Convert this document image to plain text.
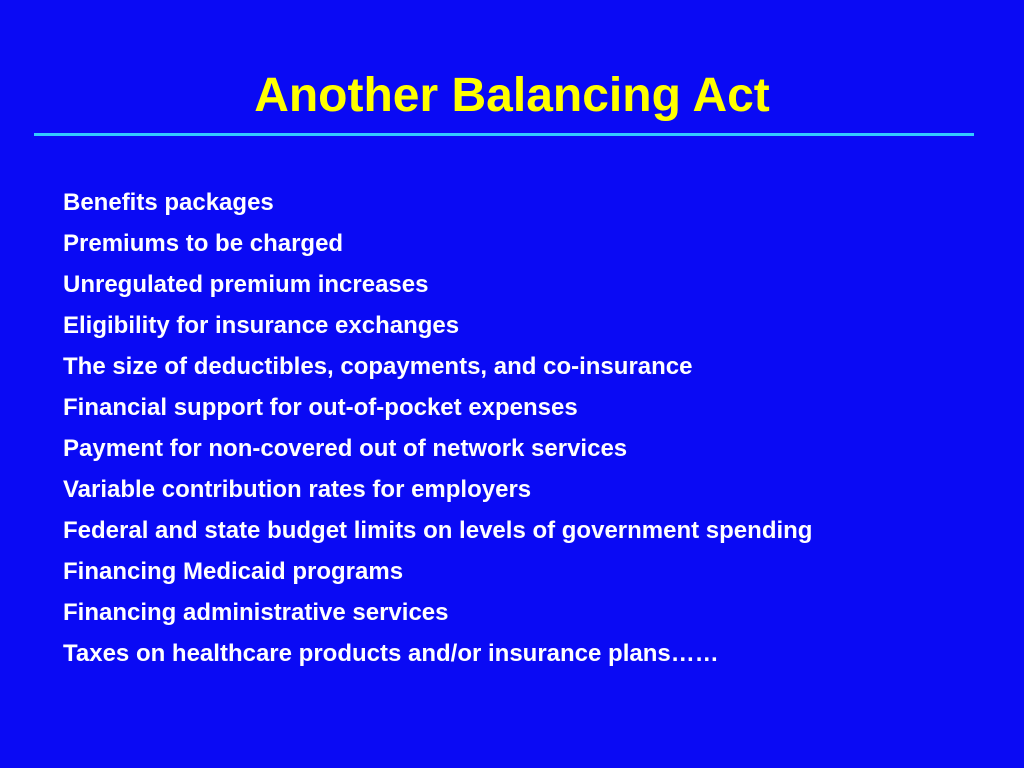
Another Balancing Act
Benefits packages
Premiums to be charged
Unregulated premium increases
Eligibility for insurance exchanges
The size of deductibles, copayments, and co-insurance
Financial support for out-of-pocket expenses
Payment for non-covered out of network services
Variable contribution rates for employers
Federal and state budget limits on levels of government spending
Financing Medicaid programs
Financing administrative services
Taxes on healthcare products and/or insurance plans……
